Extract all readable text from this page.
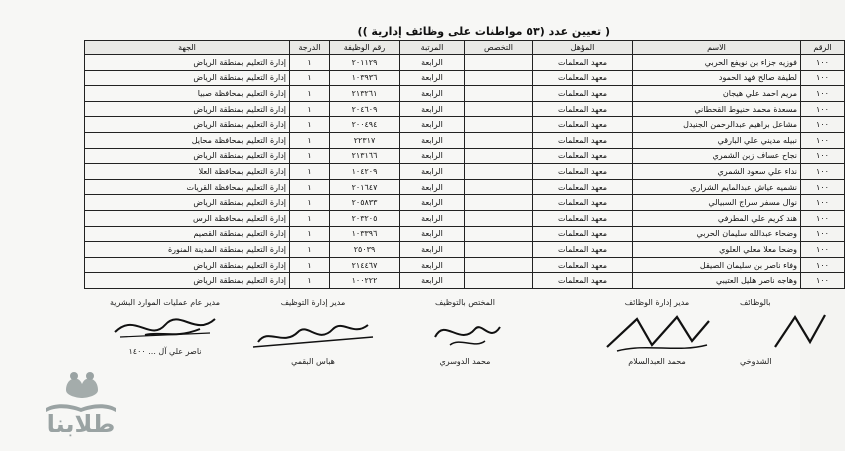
( تعيين عدد (٥٣ مواطنات على وظائف إدارية ))
الرقم	الاسم	المؤهل	التخصص	المرتبة	رقم الوظيفة	الدرجة	الجهة
١٠٠	فوزيه جزاء بن نويفع الحربي	معهد المعلمات		الرابعة	٢٠١١٢٩	١	إدارة التعليم بمنطقة الرياض
١٠٠	لطيفة صالح فهد الحمود	معهد المعلمات		الرابعة	١٠٣٩٣٦	١	إدارة التعليم بمنطقة الرياض
١٠٠	مريم احمد علي هيجان	معهد المعلمات		الرابعة	٢١٣٢٦١	١	إدارة التعليم بمحافظة صبيا
١٠٠	مسعدة محمد حنيوط القحطاني	معهد المعلمات		الرابعة	٢٠٤٦٠٩	١	إدارة التعليم بمنطقة الرياض
١٠٠	مشاعل براهيم عبدالرحمن الجنيدل	معهد المعلمات		الرابعة	٢٠٠٤٩٤	١	إدارة التعليم بمنطقة الرياض
١٠٠	نبيله مديني علي البارقي	معهد المعلمات		الرابعة	٢٢٣١٧	١	إدارة التعليم بمحافظة محايل
١٠٠	نجاح عساف زبن الشمري	معهد المعلمات		الرابعة	٢١٣١٦٦	١	إدارة التعليم بمنطقة الرياض
١٠٠	نداء علي سعود الشمري	معهد المعلمات		الرابعة	١٠٤٢٠٩	١	إدارة التعليم بمحافظة العلا
١٠٠	نشميه عياش عبدالمايم الشراري	معهد المعلمات		الرابعة	٢٠١٦٤٧	١	إدارة التعليم بمحافظة القريات
١٠٠	نوال مسفر سراج السبيالي	معهد المعلمات		الرابعة	٢٠٥٨٣٣	١	إدارة التعليم بمنطقة الرياض
١٠٠	هند كريم علي المطرفي	معهد المعلمات		الرابعة	٢٠٣٢٠٥	١	إدارة التعليم بمحافظة الرس
١٠٠	وضحاء عبدالله سليمان الحربي	معهد المعلمات		الرابعة	١٠٣٣٩٦	١	إدارة التعليم بمنطقة القصيم
١٠٠	وضحا معلا معلي العلوي	معهد المعلمات		الرابعة	٢٥٠٣٩	١	إدارة التعليم بمنطقة المدينة المنورة
١٠٠	وفاء ناصر بن سليمان الصيقل	معهد المعلمات		الرابعة	٢١٤٤٦٧	١	إدارة التعليم بمنطقة الرياض
١٠٠	وهاجه ناصر هليل العتيبي	معهد المعلمات		الرابعة	١٠٠٢٢٢	١	إدارة التعليم بمنطقة الرياض
مدير عام عمليات الموارد البشرية
ناصر علي آل ... ١٤٠٠
مدير إدارة التوظيف
هباس البقمي
المختص بالتوظيف
محمد الدوسري
مدير إدارة الوظائف
محمد العبدالسلام
بالوظائف
الشدوخي
طلابنا
